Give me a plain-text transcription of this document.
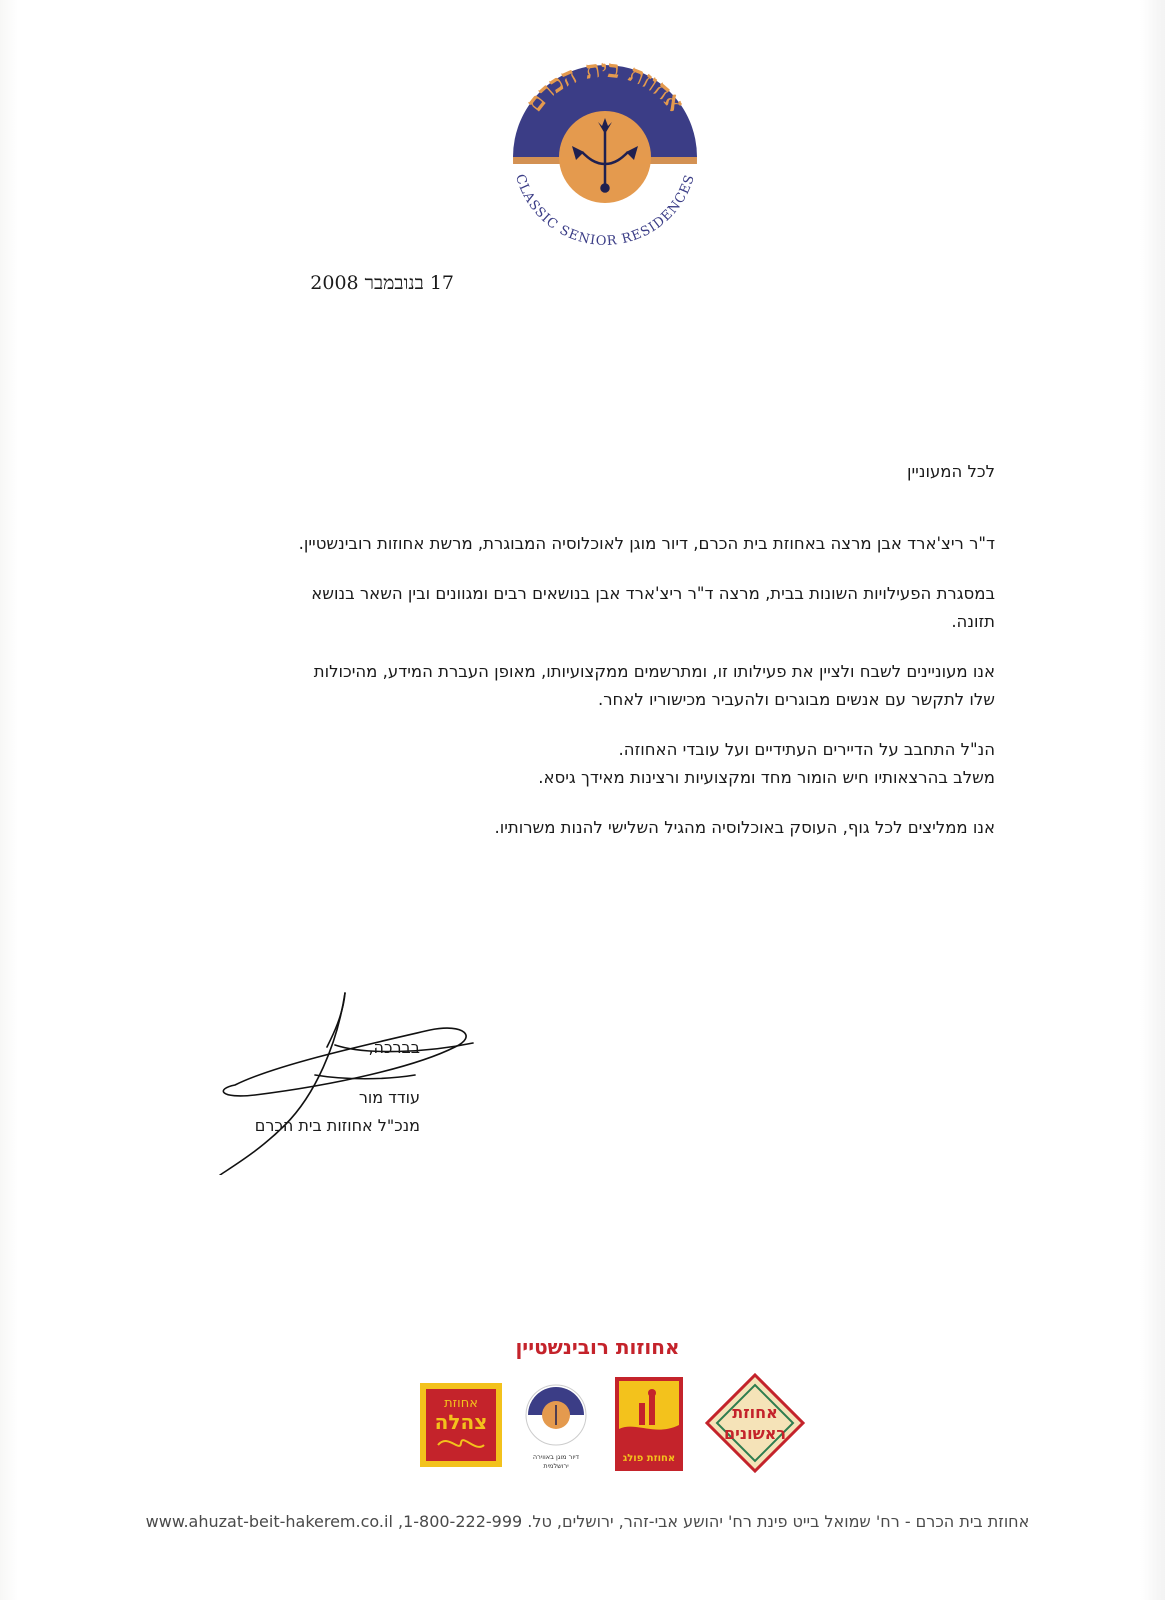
אחוזת בית הכרם
CLASSIC SENIOR RESIDENCES
17 בנובמבר 2008
לכל המעוניין

ד"ר ריצ'ארד אבן מרצה באחוזת בית הכרם, דיור מוגן לאוכלוסיה המבוגרת, מרשת אחוזות רובינשטיין.

במסגרת הפעילויות השונות בבית, מרצה ד"ר ריצ'ארד אבן בנושאים רבים ומגוונים ובין השאר בנושא
תזונה.

אנו מעוניינים לשבח ולציין את פעילותו זו, ומתרשמים ממקצועיותו, מאופן העברת המידע, מהיכולות
שלו לתקשר עם אנשים מבוגרים ולהעביר מכישוריו לאחר.

הנ"ל התחבב על הדיירים העתידיים ועל עובדי האחוזה.
משלב בהרצאותיו חיש הומור מחד ומקצועיות ורצינות מאידך גיסא.

אנו ממליצים לכל גוף, העוסק באוכלוסיה מהגיל השלישי להנות משרותיו.

בברכה,
עודד מור
מנכ"ל אחוזות בית הכרם
אחוזות רובינשטיין
אחוזת
צהלה
דיור מוגן באווירה
ירושלמית
אחוזת פולג
אחוזת
ראשונים
אחוזת בית הכרם - רח' שמואל בייט פינת רח' יהושע אבי-זהר, ירושלים, טל. 1-800-222-999, www.ahuzat-beit-hakerem.co.il
